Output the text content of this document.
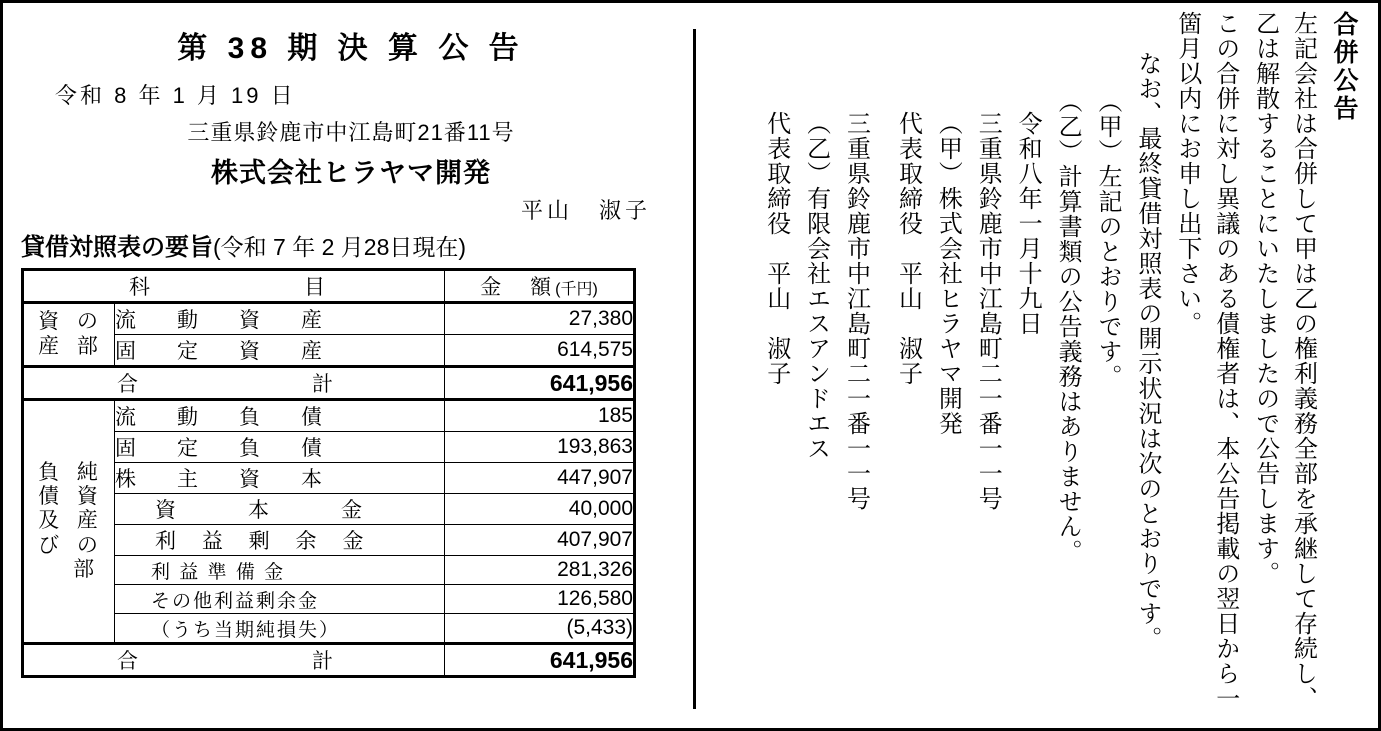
第 38 期 決 算 公 告
令和 8 年 1 月 19 日
三重県鈴鹿市中江島町21番11号
株式会社ヒラヤマ開発
平山　淑子
貸借対照表の要旨(令和 7 年 2 月28日現在)
科　　　　目		金　額(千円)
資  の
産  部	流　動　資　産	27,380
	固　定　資　産	614,575
合　　　　計		641,956
負  純
債  資
及  産
び  の
部	流　動　負　債	185
	固　定　負　債	193,863
	株　主　資　本	447,907
	資　　本　　金	40,000
	利 益 剰 余 金	407,907
	利 益 準 備 金	281,326
	その他利益剰余金	126,580
	（うち当期純損失）	(5,433)
合　　　　計		641,956
合併公告
左記会社は合併して甲は乙の権利義務全部を承継して存続し、乙は解散することにいたしましたので公告します。
この合併に対し異議のある債権者は、本公告掲載の翌日から一箇月以内にお申し出下さい。
なお、最終貸借対照表の開示状況は次のとおりです。
（甲）左記のとおりです。
（乙）計算書類の公告義務はありません。
令和八年一月十九日
三重県鈴鹿市中江島町二一番一一号
（甲）株式会社ヒラヤマ開発
代表取締役　平山　淑子
三重県鈴鹿市中江島町二一番一一号
（乙）有限会社エスアンドエス
代表取締役　平山　淑子
